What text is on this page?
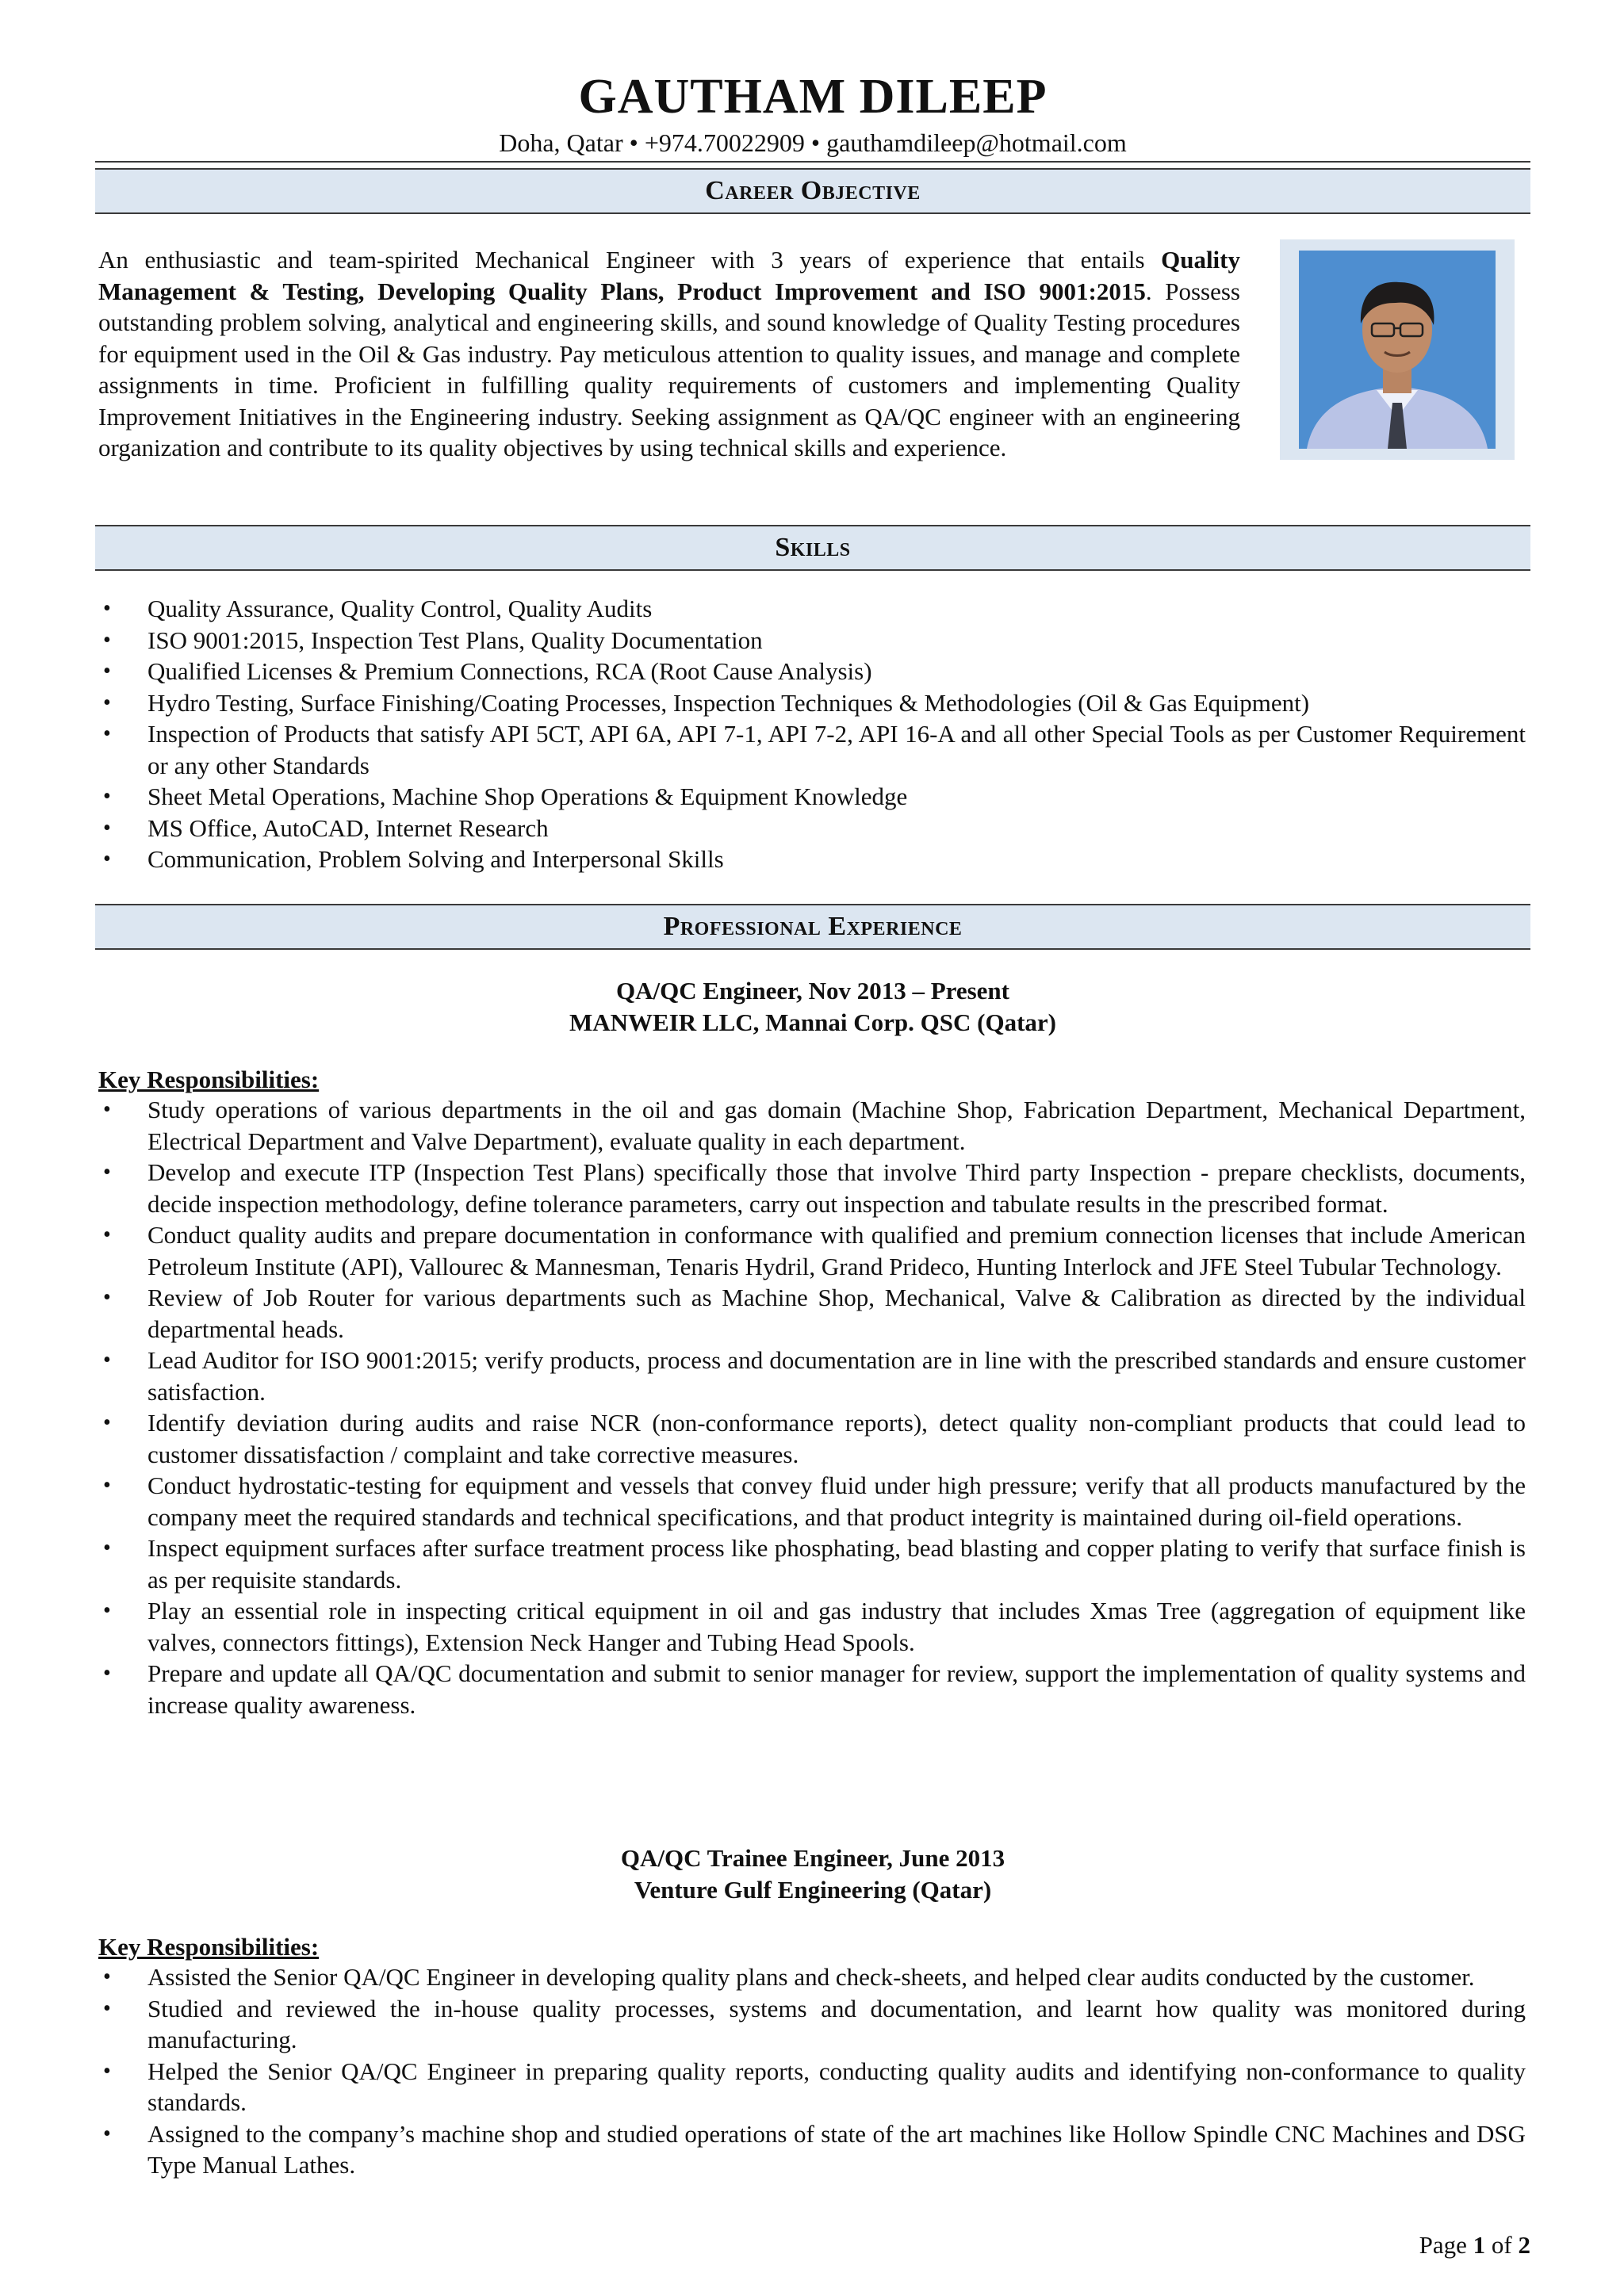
GAUTHAM DILEEP
Doha, Qatar • +974.70022909 • gauthamdileep@hotmail.com
Career Objective

An enthusiastic and team-spirited Mechanical Engineer with 3 years of experience that entails Quality Management & Testing, Developing Quality Plans, Product Improvement and ISO 9001:2015. Possess outstanding problem solving, analytical and engineering skills, and sound knowledge of Quality Testing procedures for equipment used in the Oil & Gas industry. Pay meticulous attention to quality issues, and manage and complete assignments in time. Proficient in fulfilling quality requirements of customers and implementing Quality Improvement Initiatives in the Engineering industry. Seeking assignment as QA/QC engineer with an engineering organization and contribute to its quality objectives by using technical skills and experience.

Skills
• Quality Assurance, Quality Control, Quality Audits
• ISO 9001:2015, Inspection Test Plans, Quality Documentation
• Qualified Licenses & Premium Connections, RCA (Root Cause Analysis)
• Hydro Testing, Surface Finishing/Coating Processes, Inspection Techniques & Methodologies (Oil & Gas Equipment)
• Inspection of Products that satisfy API 5CT, API 6A, API 7-1, API 7-2, API 16-A and all other Special Tools as per Customer Requirement or any other Standards
• Sheet Metal Operations, Machine Shop Operations & Equipment Knowledge
• MS Office, AutoCAD, Internet Research
• Communication, Problem Solving and Interpersonal Skills
Professional Experience
QA/QC Engineer, Nov 2013 – Present
MANWEIR LLC, Mannai Corp. QSC (Qatar)
Key Responsibilities:
• Study operations of various departments in the oil and gas domain (Machine Shop, Fabrication Department, Mechanical Department, Electrical Department and Valve Department), evaluate quality in each department.
• Develop and execute ITP (Inspection Test Plans) specifically those that involve Third party Inspection - prepare checklists, documents, decide inspection methodology, define tolerance parameters, carry out inspection and tabulate results in the prescribed format.
• Conduct quality audits and prepare documentation in conformance with qualified and premium connection licenses that include American Petroleum Institute (API), Vallourec & Mannesman, Tenaris Hydril, Grand Prideco, Hunting Interlock and JFE Steel Tubular Technology.
• Review of Job Router for various departments such as Machine Shop, Mechanical, Valve & Calibration as directed by the individual departmental heads.
• Lead Auditor for ISO 9001:2015; verify products, process and documentation are in line with the prescribed standards and ensure customer satisfaction.
• Identify deviation during audits and raise NCR (non-conformance reports), detect quality non-compliant products that could lead to customer dissatisfaction / complaint and take corrective measures.
• Conduct hydrostatic-testing for equipment and vessels that convey fluid under high pressure; verify that all products manufactured by the company meet the required standards and technical specifications, and that product integrity is maintained during oil-field operations.
• Inspect equipment surfaces after surface treatment process like phosphating, bead blasting and copper plating to verify that surface finish is as per requisite standards.
• Play an essential role in inspecting critical equipment in oil and gas industry that includes Xmas Tree (aggregation of equipment like valves, connectors fittings), Extension Neck Hanger and Tubing Head Spools.
• Prepare and update all QA/QC documentation and submit to senior manager for review, support the implementation of quality systems and increase quality awareness.
QA/QC Trainee Engineer, June 2013
Venture Gulf Engineering (Qatar)
Key Responsibilities:
• Assisted the Senior QA/QC Engineer in developing quality plans and check-sheets, and helped clear audits conducted by the customer.
• Studied and reviewed the in-house quality processes, systems and documentation, and learnt how quality was monitored during manufacturing.
• Helped the Senior QA/QC Engineer in preparing quality reports, conducting quality audits and identifying non-conformance to quality standards.
• Assigned to the company’s machine shop and studied operations of state of the art machines like Hollow Spindle CNC Machines and DSG Type Manual Lathes.
Page 1 of 2
